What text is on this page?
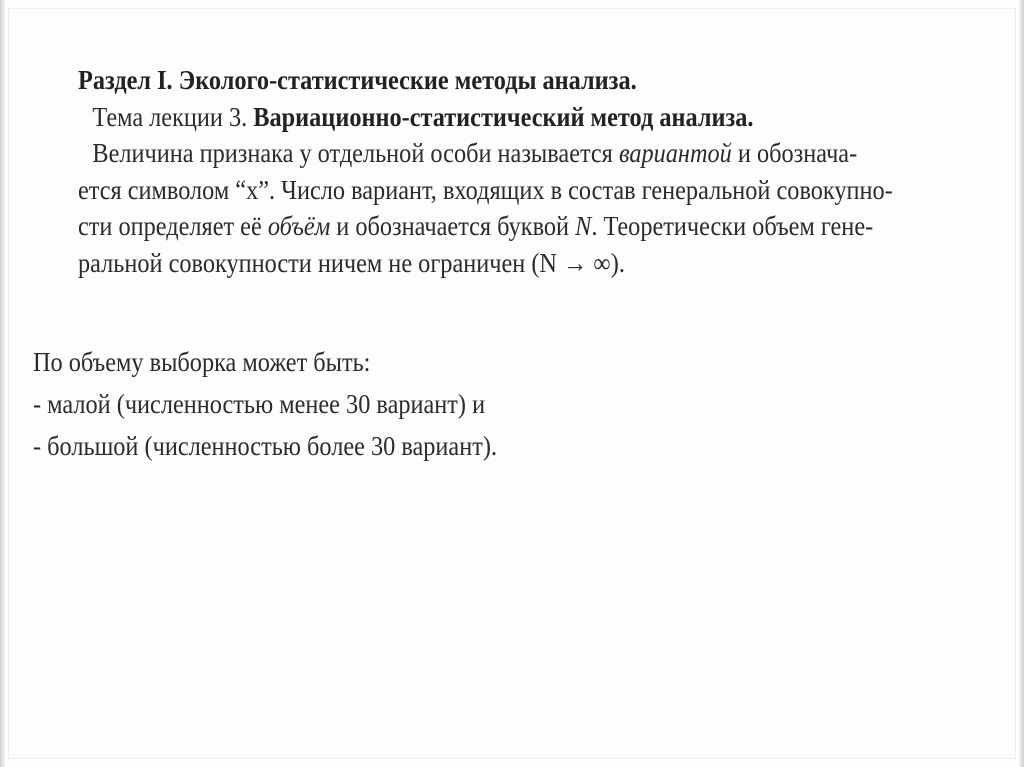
Раздел I. Эколого-статистические методы анализа.
Тема лекции 3. Вариационно-статистический метод анализа.
Величина признака у отдельной особи называется вариантой и обознача-
ется символом “x”. Число вариант, входящих в состав генеральной совокупно-
сти определяет её объём и обозначается буквой N. Теоретически объем гене-
ральной совокупности ничем не ограничен (N → ∞).
По объему выборка может быть:
- малой (численностью менее 30 вариант) и
- большой (численностью более 30 вариант).
